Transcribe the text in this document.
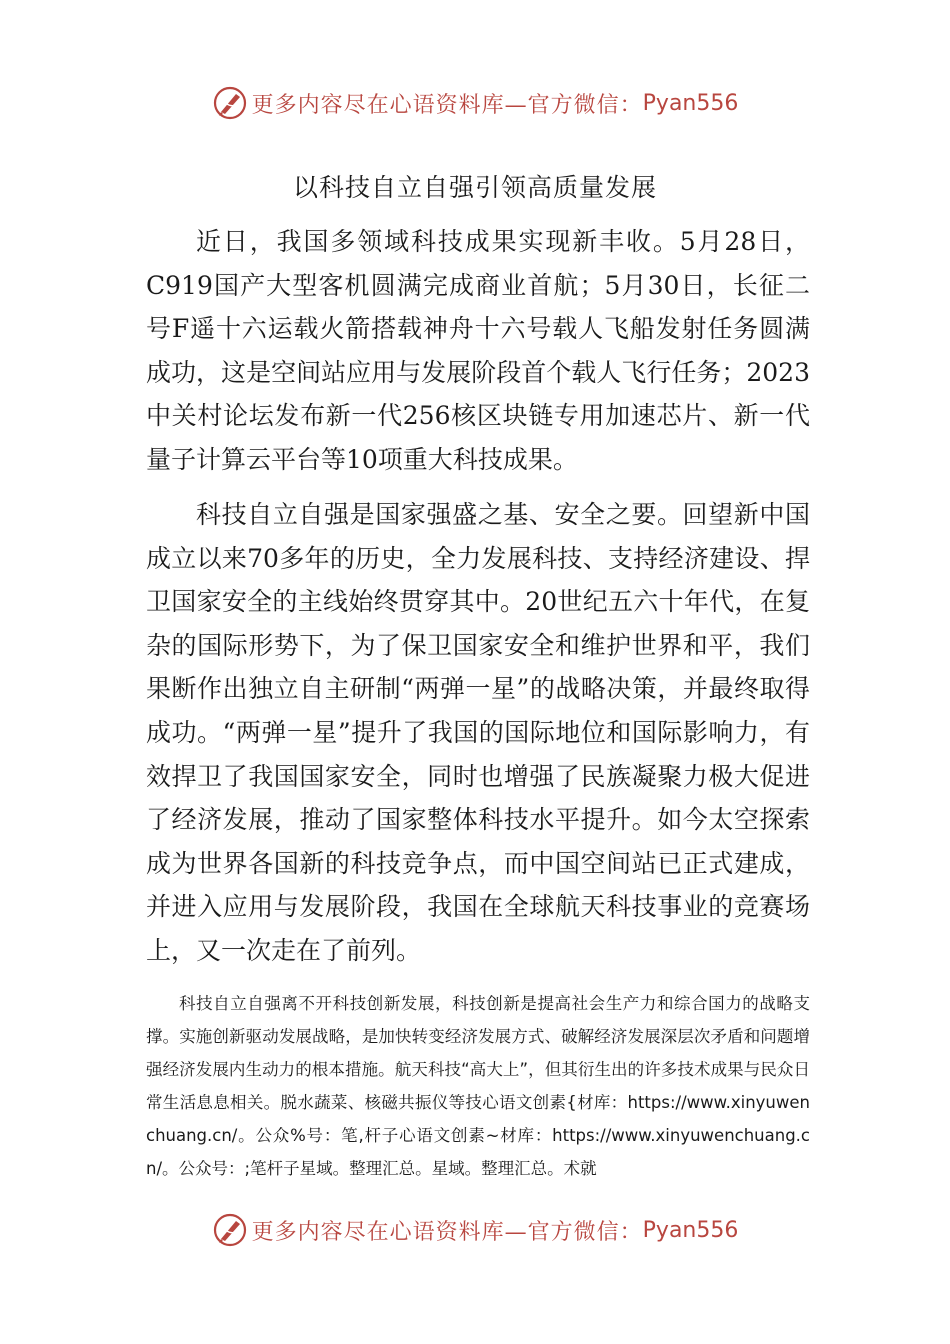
更多内容尽在心语资料库—官方微信： Pyan556
以科技自立自强引领高质量发展

近日，我国多领域科技成果实现新丰收。5月28日，C919国产大型客机圆满完成商业首航；5月30日，长征二号F遥十六运载火箭搭载神舟十六号载人飞船发射任务圆满成功，这是空间站应用与发展阶段首个载人飞行任务；2023中关村论坛发布新一代256核区块链专用加速芯片、新一代量子计算云平台等10项重大科技成果。

科技自立自强是国家强盛之基、安全之要。回望新中国成立以来70多年的历史，全力发展科技、支持经济建设、捍卫国家安全的主线始终贯穿其中。20世纪五六十年代，在复杂的国际形势下，为了保卫国家安全和维护世界和平，我们果断作出独立自主研制“两弹一星”的战略决策，并最终取得成功。“两弹一星”提升了我国的国际地位和国际影响力，有效捍卫了我国国家安全，同时也增强了民族凝聚力极大促进了经济发展，推动了国家整体科技水平提升。如今太空探索成为世界各国新的科技竞争点，而中国空间站已正式建成，并进入应用与发展阶段，我国在全球航天科技事业的竞赛场上，又一次走在了前列。

科技自立自强离不开科技创新发展，科技创新是提高社会生产力和综合国力的战略支撑。实施创新驱动发展战略，是加快转变经济发展方式、破解经济发展深层次矛盾和问题增强经济发展内生动力的根本措施。航天科技“高大上”，但其衍生出的许多技术成果与民众日常生活息息相关。脱水蔬菜、核磁共振仪等技心语文创素{材库：https://www.xinyuwenchuang.cn/。公众%号：笔,杆子心语文创素~材库：https://www.xinyuwenchuang.cn/。公众号：;笔杆子星域。整理汇总。星域。整理汇总。术就

更多内容尽在心语资料库—官方微信： Pyan556
